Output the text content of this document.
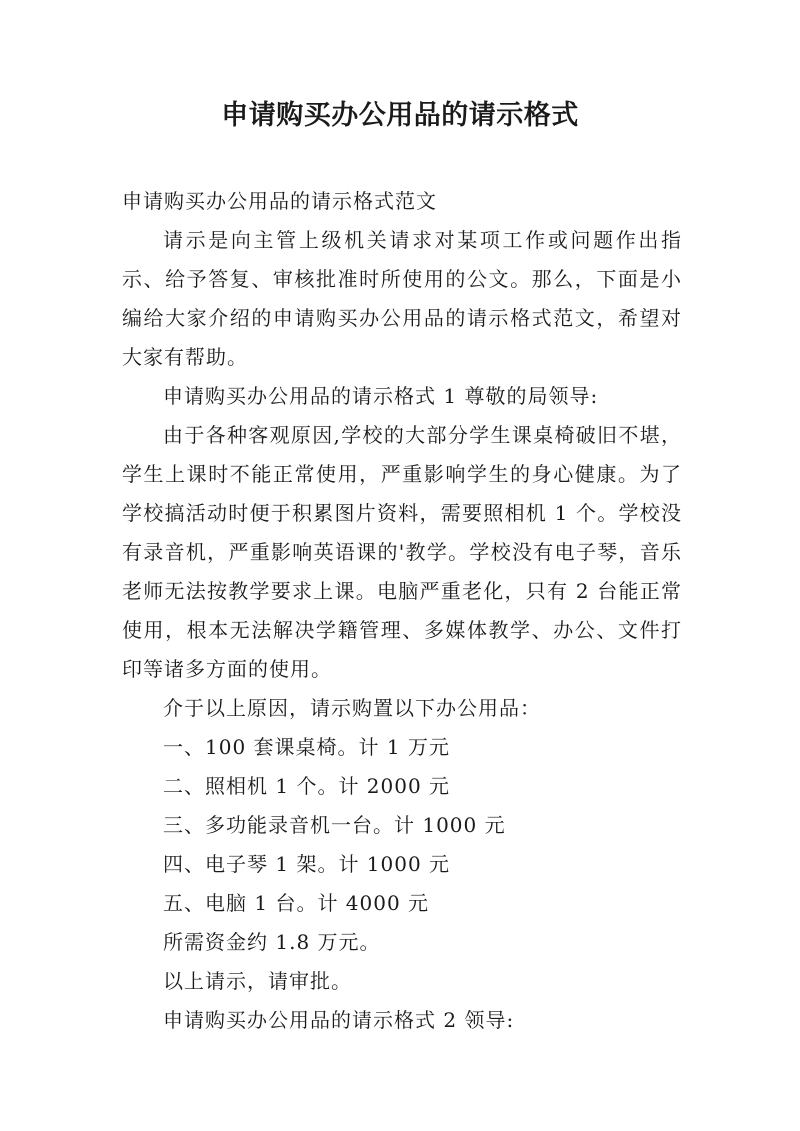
申请购买办公用品的请示格式

申请购买办公用品的请示格式范文

请示是向主管上级机关请求对某项工作或问题作出指示、给予答复、审核批准时所使用的公文。那么，下面是小编给大家介绍的申请购买办公用品的请示格式范文，希望对大家有帮助。

申请购买办公用品的请示格式 1 尊敬的局领导:

由于各种客观原因,学校的大部分学生课桌椅破旧不堪，学生上课时不能正常使用，严重影响学生的身心健康。为了学校搞活动时便于积累图片资料，需要照相机 1 个。学校没有录音机，严重影响英语课的'教学。学校没有电子琴，音乐老师无法按教学要求上课。电脑严重老化，只有 2 台能正常使用，根本无法解决学籍管理、多媒体教学、办公、文件打印等诸多方面的使用。

介于以上原因，请示购置以下办公用品：

一、100 套课桌椅。计 1 万元

二、照相机 1 个。计 2000 元

三、多功能录音机一台。计 1000 元

四、电子琴 1 架。计 1000 元

五、电脑 1 台。计 4000 元

所需资金约 1.8 万元。

以上请示，请审批。

申请购买办公用品的请示格式 2 领导:
